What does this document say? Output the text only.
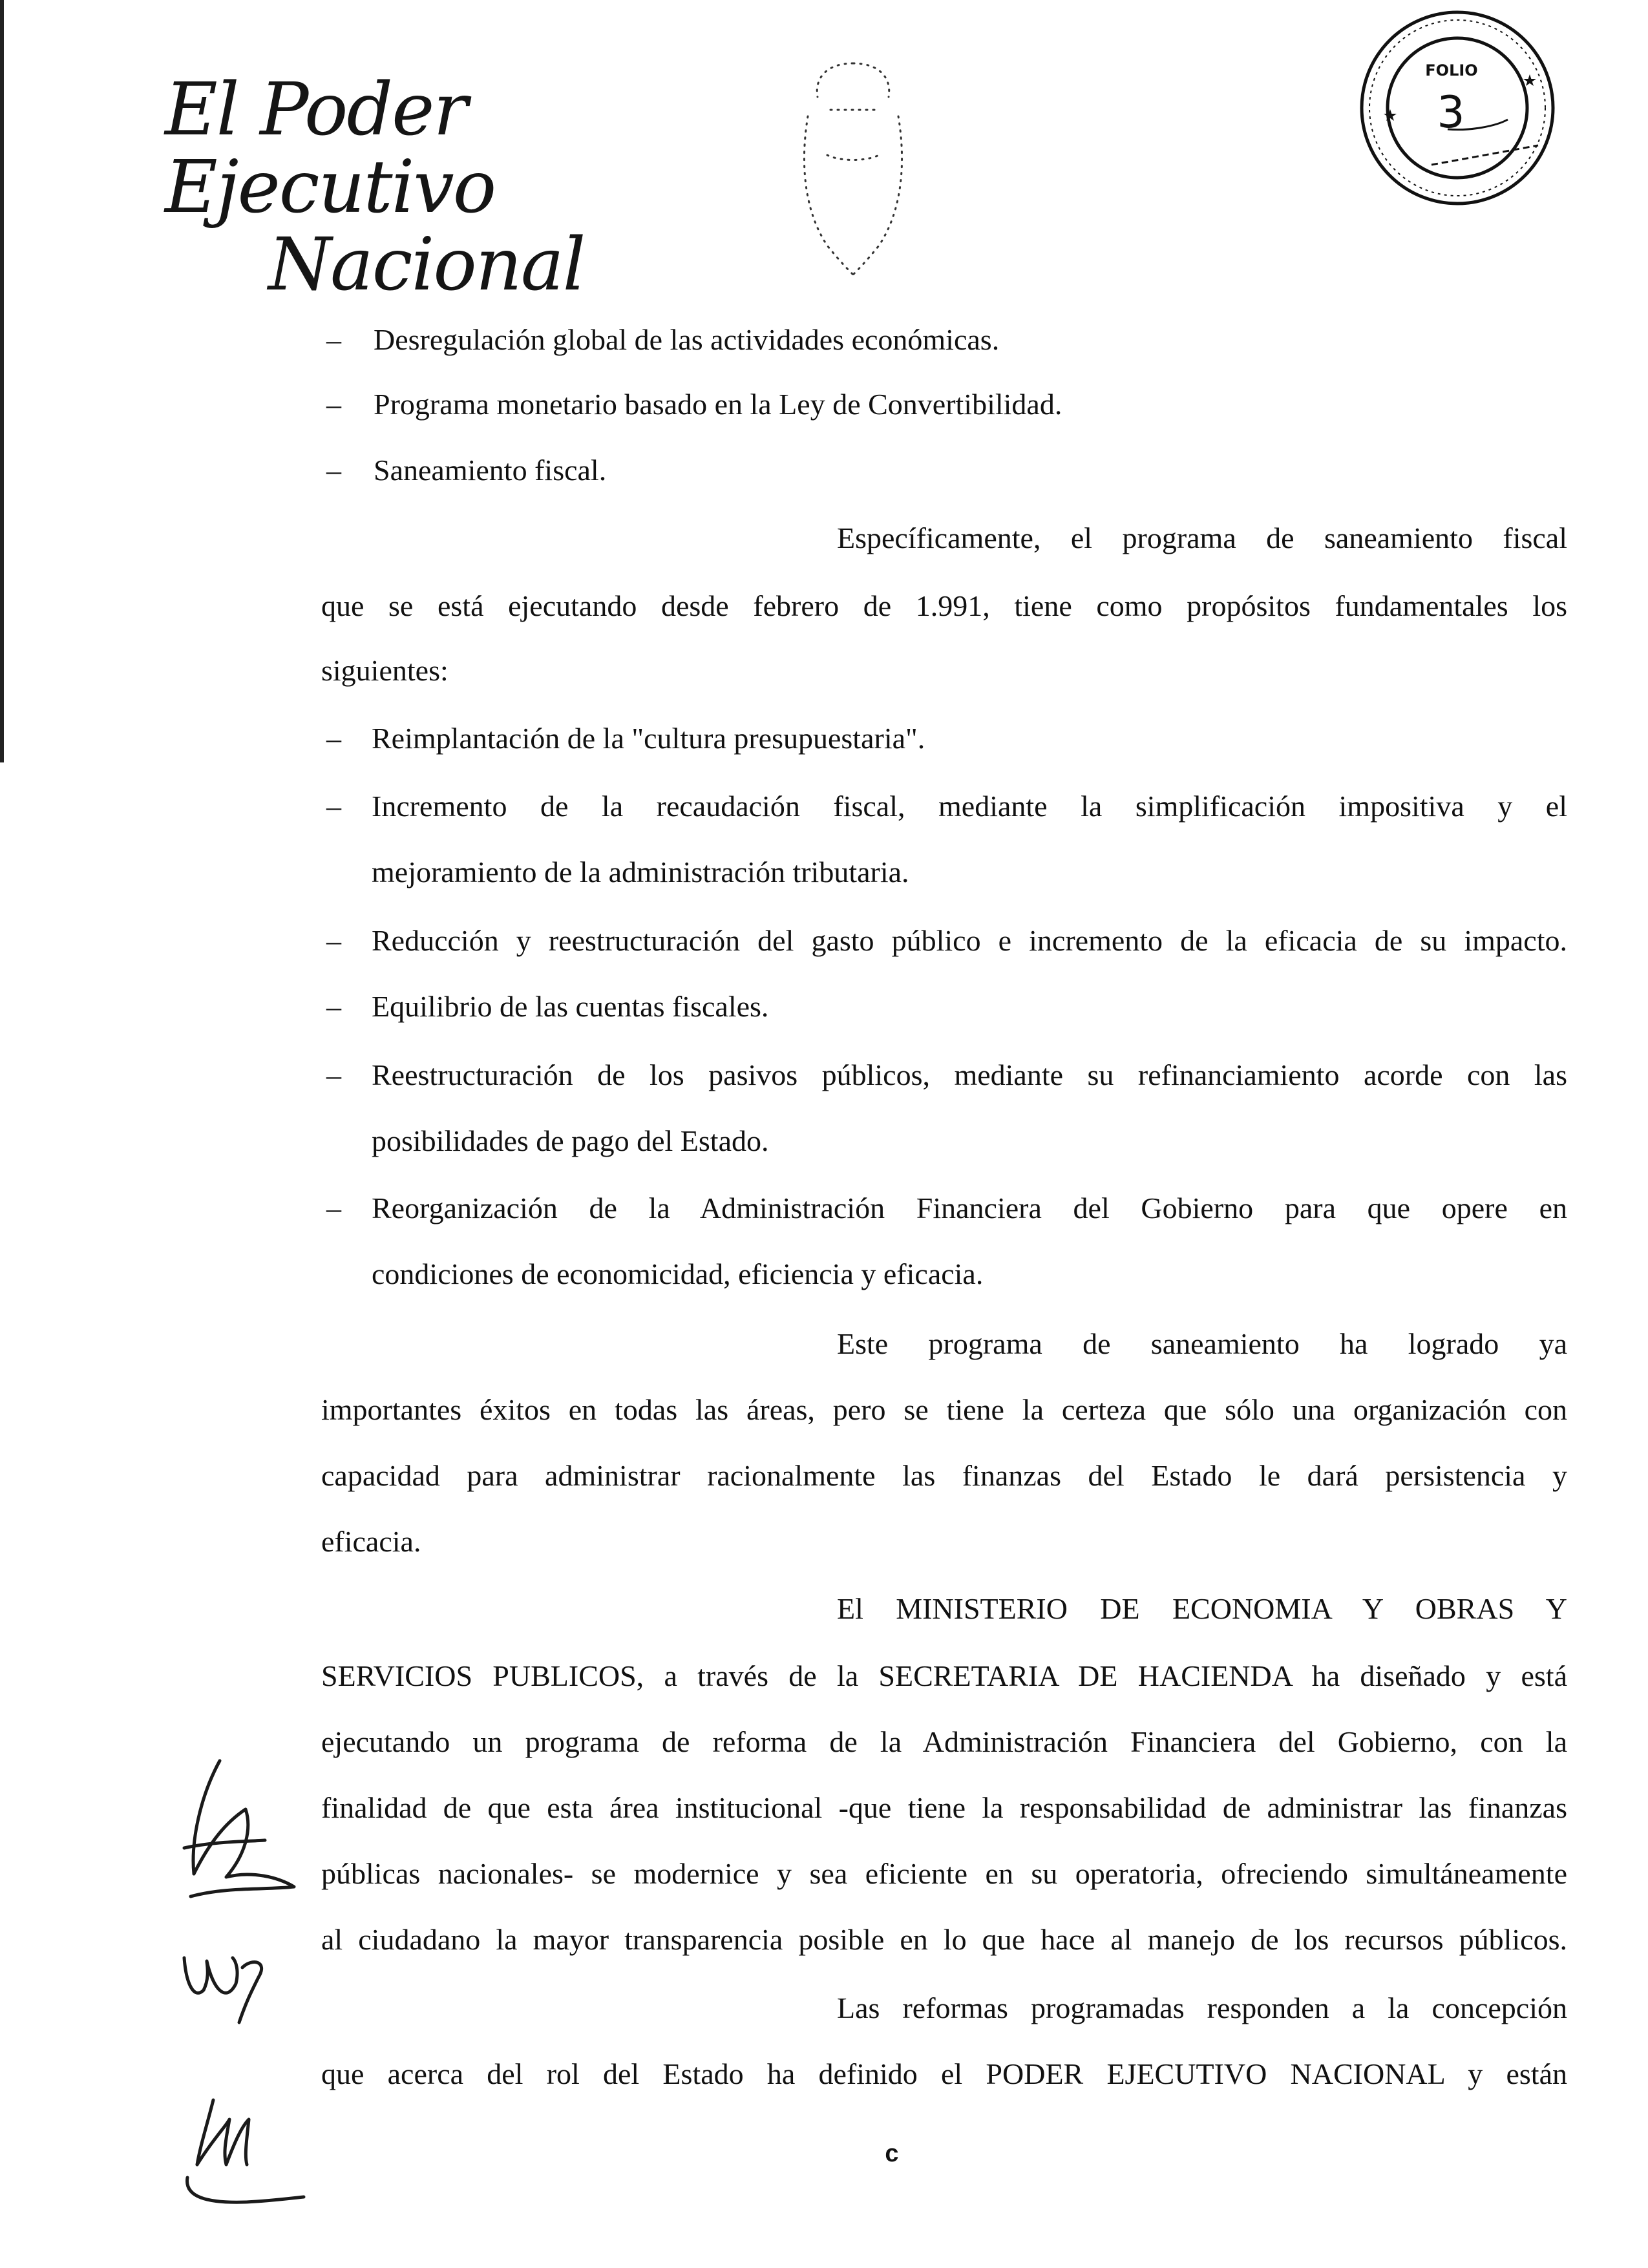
El Poder Ejecutivo
Nacional
FOLIO
3
– Desregulación global de las actividades económicas.
– Programa monetario basado en la Ley de Convertibilidad.
– Saneamiento fiscal.
Específicamente, el programa de saneamiento fiscal
que se está ejecutando desde febrero de 1.991, tiene como propósitos fundamentales los
siguientes:
– Reimplantación de la "cultura presupuestaria".
– Incremento de la recaudación fiscal, mediante la simplificación impositiva y el
mejoramiento de la administración tributaria.
– Reducción y reestructuración del gasto público e incremento de la eficacia de su impacto.
– Equilibrio de las cuentas fiscales.
– Reestructuración de los pasivos públicos, mediante su refinanciamiento acorde con las
posibilidades de pago del Estado.
– Reorganización de la Administración Financiera del Gobierno para que opere en
condiciones de economicidad, eficiencia y eficacia.
Este programa de saneamiento ha logrado ya
importantes éxitos en todas las áreas, pero se tiene la certeza que sólo una organización con
capacidad para administrar racionalmente las finanzas del Estado le dará persistencia y
eficacia.
El MINISTERIO DE ECONOMIA Y OBRAS Y
SERVICIOS PUBLICOS, a través de la SECRETARIA DE HACIENDA ha diseñado y está
ejecutando un programa de reforma de la Administración Financiera del Gobierno, con la
finalidad de que esta área institucional -que tiene la responsabilidad de administrar las finanzas
públicas nacionales- se modernice y sea eficiente en su operatoria, ofreciendo simultáneamente
al ciudadano la mayor transparencia posible en lo que hace al manejo de los recursos públicos.
Las reformas programadas responden a la concepción
que acerca del rol del Estado ha definido el PODER EJECUTIVO NACIONAL y están
c
